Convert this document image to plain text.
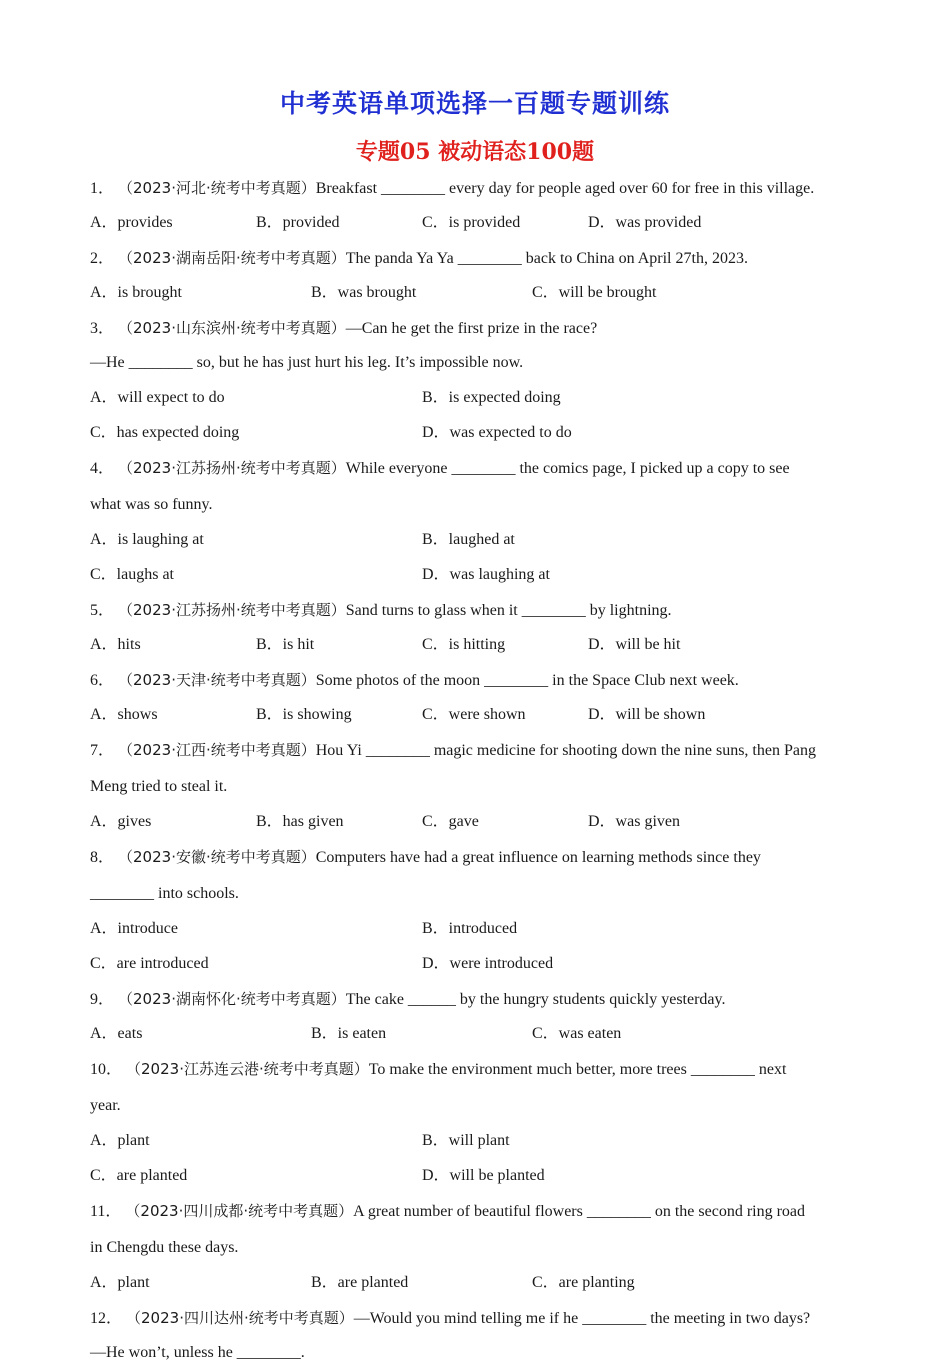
中考英语单项选择一百题专题训练
专题05 被动语态100题
1． （2023·河北·统考中考真题）Breakfast ________ every day for people aged over 60 for free in this village.
A．provides	B．provided	C．is provided	D．was provided
2． （2023·湖南岳阳·统考中考真题）The panda Ya Ya ________ back to China on April 27th, 2023.
A．is brought	B．was brought	C．will be brought
3． （2023·山东滨州·统考中考真题）—Can he get the first prize in the race?
—He ________ so, but he has just hurt his leg. It’s impossible now.
A．will expect to do	B．is expected doing
C．has expected doing	D．was expected to do
4． （2023·江苏扬州·统考中考真题）While everyone ________ the comics page, I picked up a copy to see
what was so funny.
A．is laughing at	B．laughed at
C．laughs at	D．was laughing at
5． （2023·江苏扬州·统考中考真题）Sand turns to glass when it ________ by lightning.
A．hits	B．is hit	C．is hitting	D．will be hit
6． （2023·天津·统考中考真题）Some photos of the moon ________ in the Space Club next week.
A．shows	B．is showing	C．were shown	D．will be shown
7． （2023·江西·统考中考真题）Hou Yi ________ magic medicine for shooting down the nine suns, then Pang
Meng tried to steal it.
A．gives	B．has given	C．gave	D．was given
8． （2023·安徽·统考中考真题）Computers have had a great influence on learning methods since they
________ into schools.
A．introduce	B．introduced
C．are introduced	D．were introduced
9． （2023·湖南怀化·统考中考真题）The cake ______ by the hungry students quickly yesterday.
A．eats	B．is eaten	C．was eaten
10． （2023·江苏连云港·统考中考真题）To make the environment much better, more trees ________ next
year.
A．plant	B．will plant
C．are planted	D．will be planted
11． （2023·四川成都·统考中考真题）A great number of beautiful flowers ________ on the second ring road
in Chengdu these days.
A．plant	B．are planted	C．are planting
12． （2023·四川达州·统考中考真题）—Would you mind telling me if he ________ the meeting in two days?
—He won’t, unless he ________.
